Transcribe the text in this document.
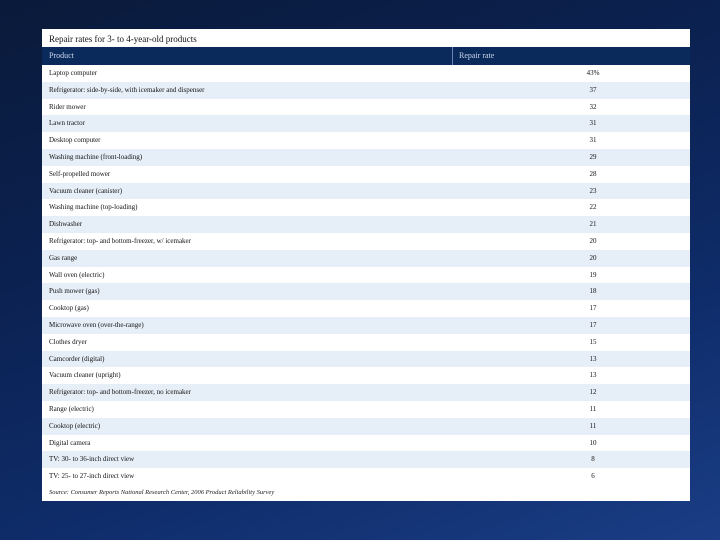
Repair rates for 3- to 4-year-old products
Product	Repair rate
Laptop computer	43%
Refrigerator: side-by-side, with icemaker and dispenser	37
Rider mower	32
Lawn tractor	31
Desktop computer	31
Washing machine (front-loading)	29
Self-propelled mower	28
Vacuum cleaner (canister)	23
Washing machine (top-loading)	22
Dishwasher	21
Refrigerator: top- and bottom-freezer, w/ icemaker	20
Gas range	20
Wall oven (electric)	19
Push mower (gas)	18
Cooktop (gas)	17
Microwave oven (over-the-range)	17
Clothes dryer	15
Camcorder (digital)	13
Vacuum cleaner (upright)	13
Refrigerator: top- and bottom-freezer, no icemaker	12
Range (electric)	11
Cooktop (electric)	11
Digital camera	10
TV: 30- to 36-inch direct view	8
TV: 25- to 27-inch direct view	6
Source: Consumer Reports National Research Center, 2006 Product Reliability Survey
